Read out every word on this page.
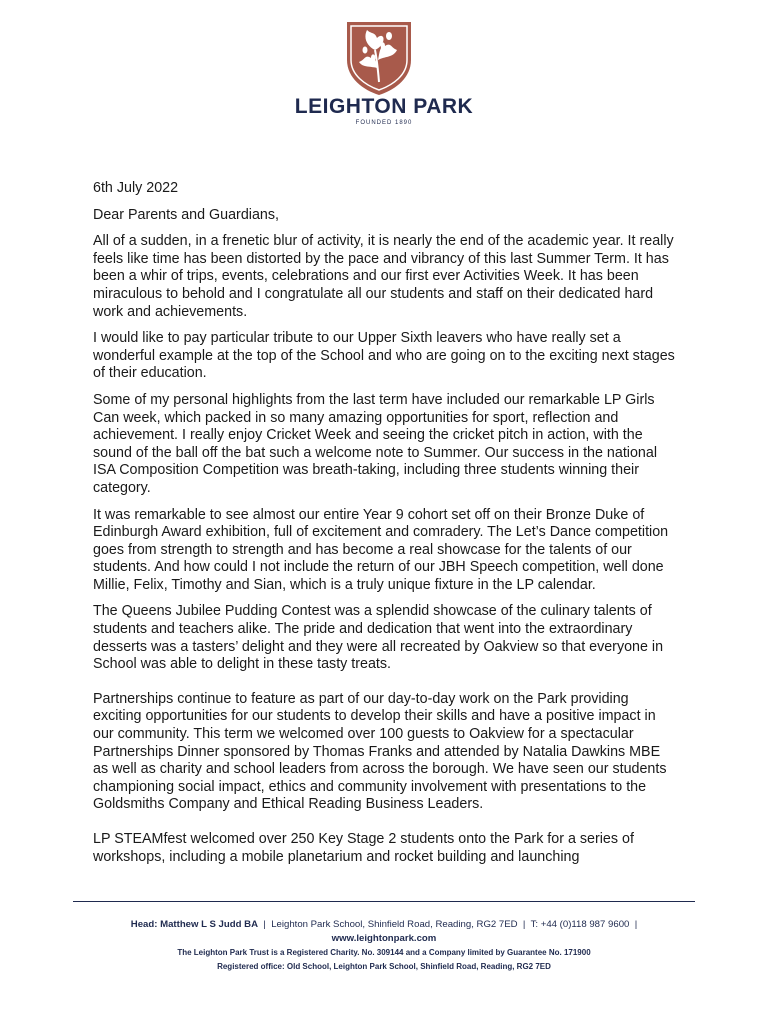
LEIGHTON PARK
FOUNDED 1890

6th July 2022

Dear Parents and Guardians,

All of a sudden, in a frenetic blur of activity, it is nearly the end of the academic year. It really feels like time has been distorted by the pace and vibrancy of this last Summer Term. It has been a whir of trips, events, celebrations and our first ever Activities Week. It has been miraculous to behold and I congratulate all our students and staff on their dedicated hard work and achievements.

I would like to pay particular tribute to our Upper Sixth leavers who have really set a wonderful example at the top of the School and who are going on to the exciting next stages of their education.

Some of my personal highlights from the last term have included our remarkable LP Girls Can week, which packed in so many amazing opportunities for sport, reflection and achievement. I really enjoy Cricket Week and seeing the cricket pitch in action, with the sound of the ball off the bat such a welcome note to Summer. Our success in the national ISA Composition Competition was breath-taking, including three students winning their category.

It was remarkable to see almost our entire Year 9 cohort set off on their Bronze Duke of Edinburgh Award exhibition, full of excitement and comradery. The Let’s Dance competition goes from strength to strength and has become a real showcase for the talents of our students. And how could I not include the return of our JBH Speech competition, well done Millie, Felix, Timothy and Sian, which is a truly unique fixture in the LP calendar.

The Queens Jubilee Pudding Contest was a splendid showcase of the culinary talents of students and teachers alike. The pride and dedication that went into the extraordinary desserts was a tasters’ delight and they were all recreated by Oakview so that everyone in School was able to delight in these tasty treats.

Partnerships continue to feature as part of our day-to-day work on the Park providing exciting opportunities for our students to develop their skills and have a positive impact in our community. This term we welcomed over 100 guests to Oakview for a spectacular Partnerships Dinner sponsored by Thomas Franks and attended by Natalia Dawkins MBE as well as charity and school leaders from across the borough. We have seen our students championing social impact, ethics and community involvement with presentations to the Goldsmiths Company and Ethical Reading Business Leaders.

LP STEAMfest welcomed over 250 Key Stage 2 students onto the Park for a series of workshops, including a mobile planetarium and rocket building and launching

Head: Matthew L S Judd BA | Leighton Park School, Shinfield Road, Reading, RG2 7ED | T: +44 (0)118 987 9600 |
www.leightonpark.com
The Leighton Park Trust is a Registered Charity. No. 309144 and a Company limited by Guarantee No. 171900
Registered office: Old School, Leighton Park School, Shinfield Road, Reading, RG2 7ED
